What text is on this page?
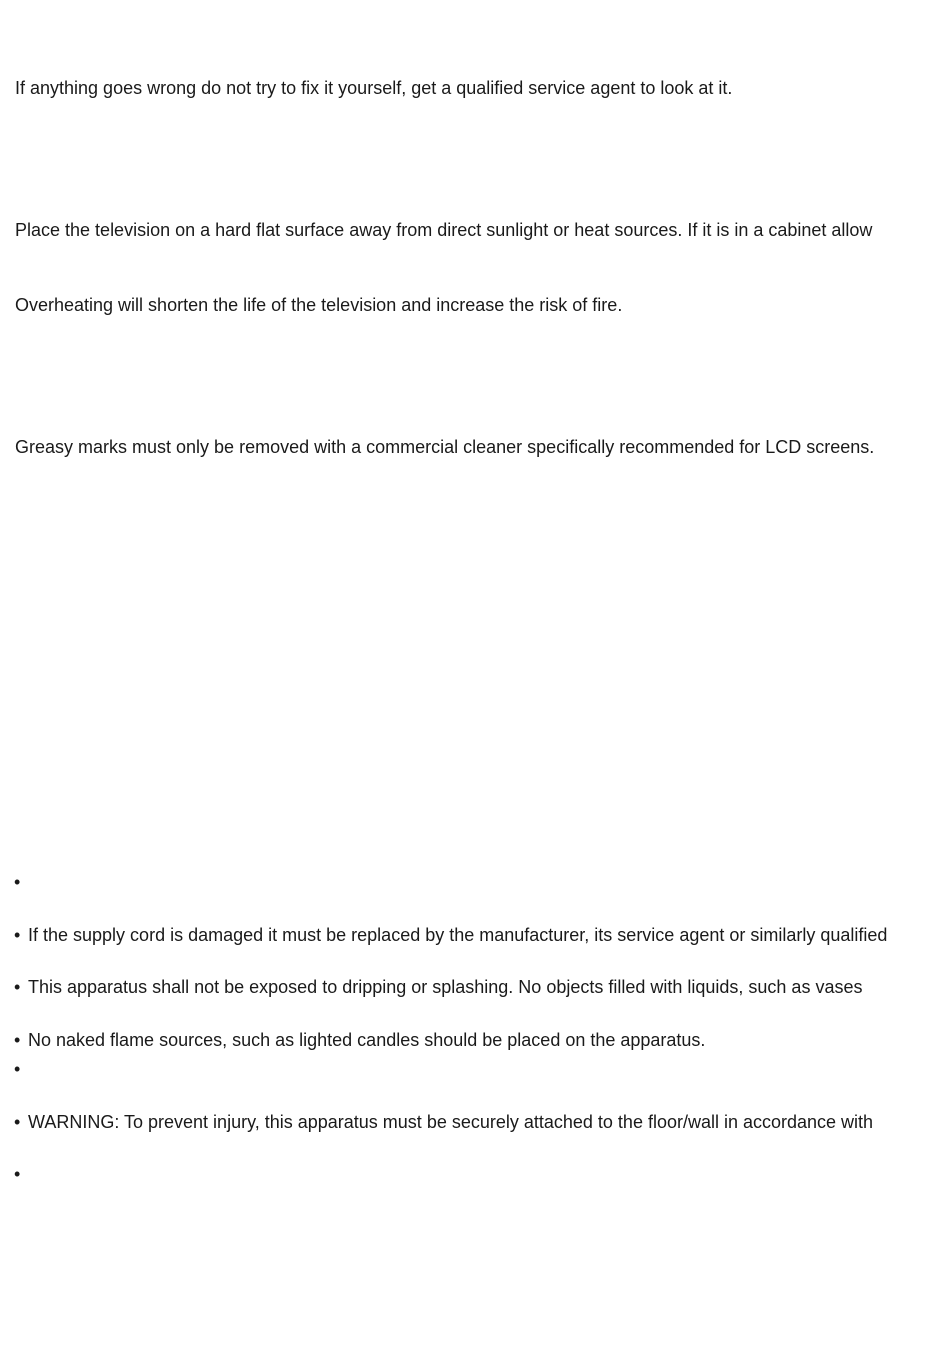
If anything goes wrong do not try to fix it yourself, get a qualified service agent to look at it.

Place the television on a hard flat surface away from direct sunlight or heat sources. If it is in a cabinet allow

Overheating will shorten the life of the television and increase the risk of fire.

Greasy marks must only be removed with a commercial cleaner specifically recommended for LCD screens.

•

• If the supply cord is damaged it must be replaced by the manufacturer, its service agent or similarly qualified

• This apparatus shall not be exposed to dripping or splashing. No objects filled with liquids, such as vases

• No naked flame sources, such as lighted candles should be placed on the apparatus.

•

• WARNING: To prevent injury, this apparatus must be securely attached to the floor/wall in accordance with

•
